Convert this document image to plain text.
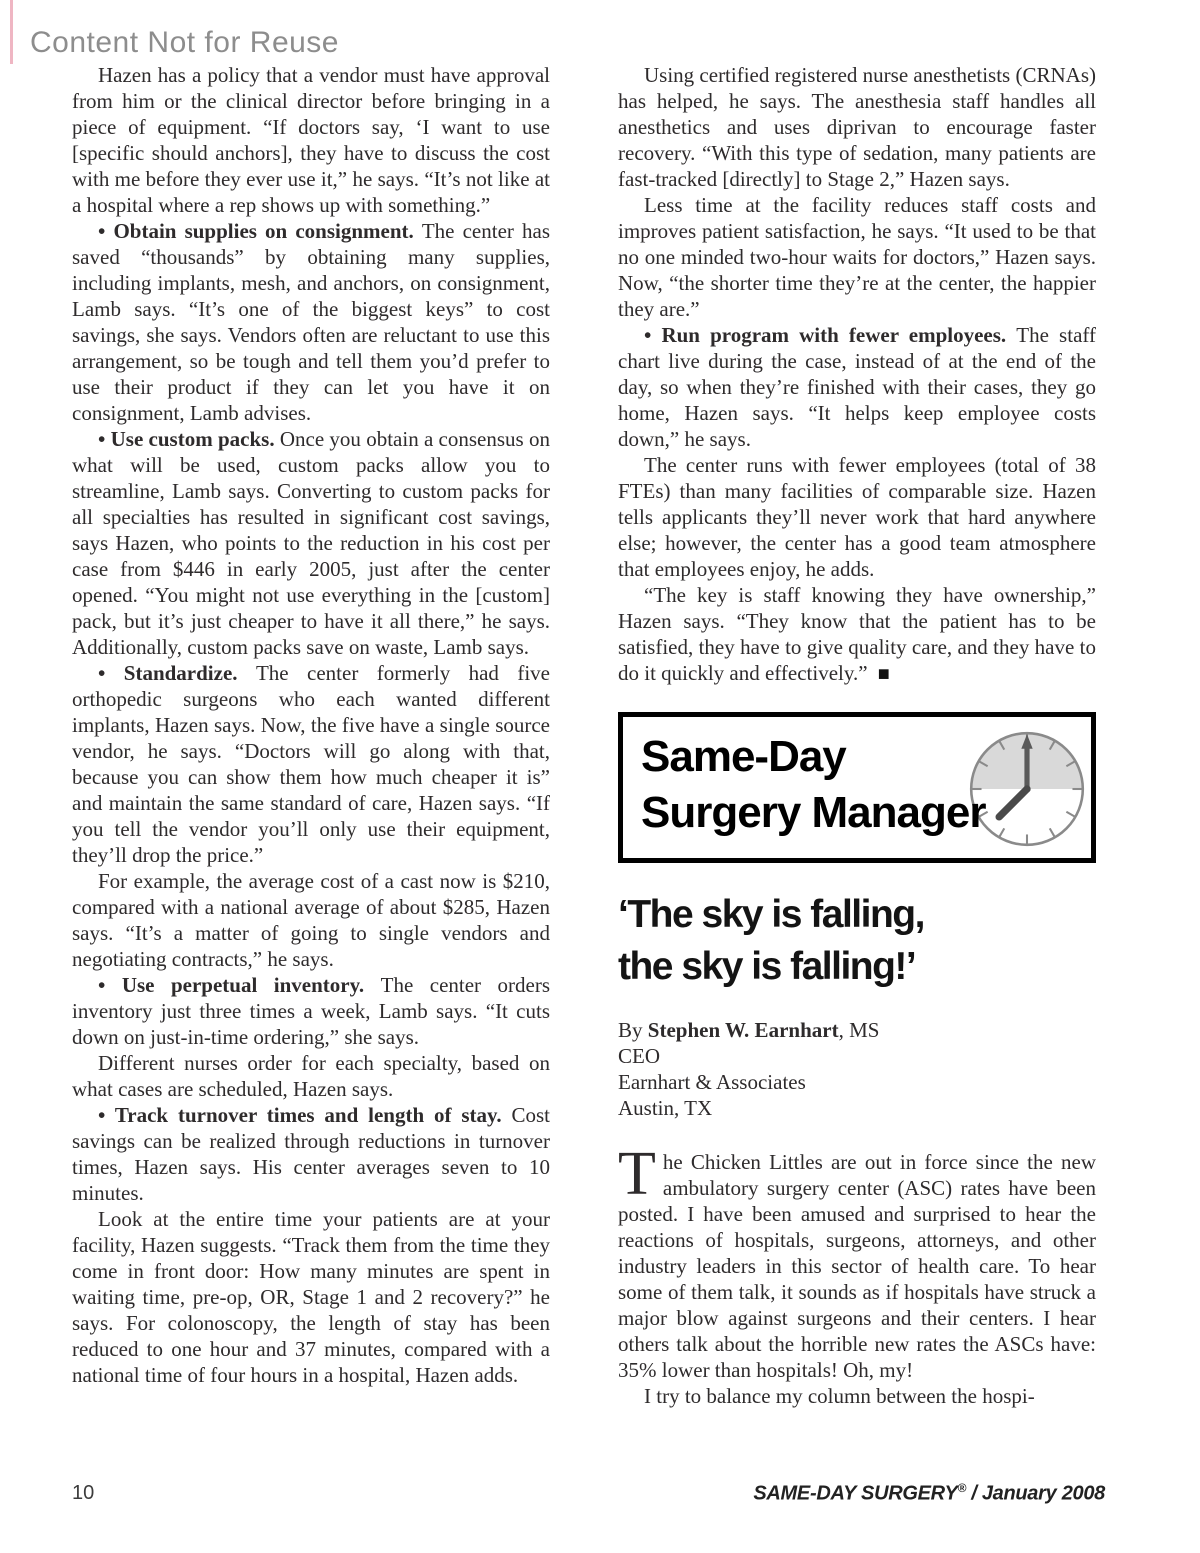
Content Not for Reuse

Hazen has a policy that a vendor must have approval from him or the clinical director before bringing in a piece of equipment. “If doctors say, ‘I want to use [specific should anchors], they have to discuss the cost with me before they ever use it,” he says. “It’s not like at a hospital where a rep shows up with something.”

• Obtain supplies on consignment. The center has saved “thousands” by obtaining many supplies, including implants, mesh, and anchors, on consignment, Lamb says. “It’s one of the biggest keys” to cost savings, she says. Vendors often are reluctant to use this arrangement, so be tough and tell them you’d prefer to use their product if they can let you have it on consignment, Lamb advises.

• Use custom packs. Once you obtain a consensus on what will be used, custom packs allow you to streamline, Lamb says. Converting to custom packs for all specialties has resulted in significant cost savings, says Hazen, who points to the reduction in his cost per case from $446 in early 2005, just after the center opened. “You might not use everything in the [custom] pack, but it’s just cheaper to have it all there,” he says. Additionally, custom packs save on waste, Lamb says.

• Standardize. The center formerly had five orthopedic surgeons who each wanted different implants, Hazen says. Now, the five have a single source vendor, he says. “Doctors will go along with that, because you can show them how much cheaper it is” and maintain the same standard of care, Hazen says. “If you tell the vendor you’ll only use their equipment, they’ll drop the price.”

For example, the average cost of a cast now is $210, compared with a national average of about $285, Hazen says. “It’s a matter of going to single vendors and negotiating contracts,” he says.

• Use perpetual inventory. The center orders inventory just three times a week, Lamb says. “It cuts down on just-in-time ordering,” she says.

Different nurses order for each specialty, based on what cases are scheduled, Hazen says.

• Track turnover times and length of stay. Cost savings can be realized through reductions in turnover times, Hazen says. His center averages seven to 10 minutes.

Look at the entire time your patients are at your facility, Hazen suggests. “Track them from the time they come in front door: How many minutes are spent in waiting time, pre-op, OR, Stage 1 and 2 recovery?” he says. For colonoscopy, the length of stay has been reduced to one hour and 37 minutes, compared with a national time of four hours in a hospital, Hazen adds.

Using certified registered nurse anesthetists (CRNAs) has helped, he says. The anesthesia staff handles all anesthetics and uses diprivan to encourage faster recovery. “With this type of sedation, many patients are fast-tracked [directly] to Stage 2,” Hazen says.

Less time at the facility reduces staff costs and improves patient satisfaction, he says. “It used to be that no one minded two-hour waits for doctors,” Hazen says. Now, “the shorter time they’re at the center, the happier they are.”

• Run program with fewer employees. The staff chart live during the case, instead of at the end of the day, so when they’re finished with their cases, they go home, Hazen says. “It helps keep employee costs down,” he says.

The center runs with fewer employees (total of 38 FTEs) than many facilities of comparable size. Hazen tells applicants they’ll never work that hard anywhere else; however, the center has a good team atmosphere that employees enjoy, he adds.

“The key is staff knowing they have ownership,” Hazen says. “They know that the patient has to be satisfied, they have to give quality care, and they have to do it quickly and effectively.” ■

Same-Day
Surgery Manager
‘The sky is falling,
the sky is falling!’
By Stephen W. Earnhart, MS
CEO
Earnhart & Associates
Austin, TX

The Chicken Littles are out in force since the new ambulatory surgery center (ASC) rates have been posted. I have been amused and surprised to hear the reactions of hospitals, surgeons, attorneys, and other industry leaders in this sector of health care. To hear some of them talk, it sounds as if hospitals have struck a major blow against surgeons and their centers. I hear others talk about the horrible new rates the ASCs have: 35% lower than hospitals! Oh, my!

I try to balance my column between the hospi-

10	SAME-DAY SURGERY® / January 2008
